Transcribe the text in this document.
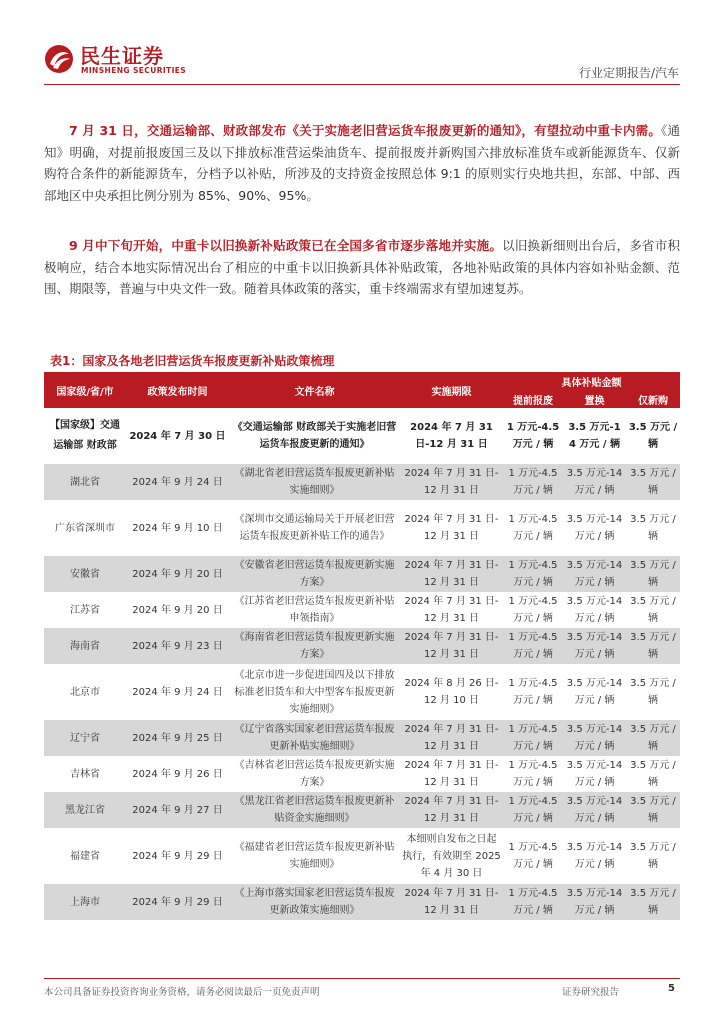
民生证券
MINSHENG SECURITIES	行业定期报告/汽车

7 月 31 日，交通运输部、财政部发布《关于实施老旧营运货车报废更新的通知》，有望拉动中重卡内需。《通知》明确，对提前报废国三及以下排放标准营运柴油货车、提前报废并新购国六排放标准货车或新能源货车、仅新购符合条件的新能源货车，分档予以补贴，所涉及的支持资金按照总体 9:1 的原则实行央地共担，东部、中部、西部地区中央承担比例分别为 85%、90%、95%。

9 月中下旬开始，中重卡以旧换新补贴政策已在全国多省市逐步落地并实施。以旧换新细则出台后，多省市积极响应，结合本地实际情况出台了相应的中重卡以旧换新具体补贴政策，各地补贴政策的具体内容如补贴金额、范围、期限等，普遍与中央文件一致。随着具体政策的落实，重卡终端需求有望加速复苏。

表1：国家及各地老旧营运货车报废更新补贴政策梳理
国家级/省/市	政策发布时间	文件名称	实施期限	具体补贴金额		
				提前报废	置换	仅新购
【国家级】交通运输部 财政部	2024 年 7 月 30 日	《交通运输部 财政部关于实施老旧营运货车报废更新的通知》	2024 年 7 月 31 日-12 月 31 日	1 万元-4.5 万元 / 辆	3.5 万元-14 万元 / 辆	3.5 万元 / 辆
湖北省	2024 年 9 月 24 日	《湖北省老旧营运货车报废更新补贴实施细则》	2024 年 7 月 31 日-12 月 31 日	1 万元-4.5 万元 / 辆	3.5 万元-14 万元 / 辆	3.5 万元 / 辆
广东省深圳市	2024 年 9 月 10 日	《深圳市交通运输局关于开展老旧营运货车报废更新补贴工作的通告》	2024 年 7 月 31 日-12 月 31 日	1 万元-4.5 万元 / 辆	3.5 万元-14 万元 / 辆	3.5 万元 / 辆
安徽省	2024 年 9 月 20 日	《安徽省老旧营运货车报废更新实施方案》	2024 年 7 月 31 日-12 月 31 日	1 万元-4.5 万元 / 辆	3.5 万元-14 万元 / 辆	3.5 万元 / 辆
江苏省	2024 年 9 月 20 日	《江苏省老旧营运货车报废更新补贴申领指南》	2024 年 7 月 31 日-12 月 31 日	1 万元-4.5 万元 / 辆	3.5 万元-14 万元 / 辆	3.5 万元 / 辆
海南省	2024 年 9 月 23 日	《海南省老旧营运货车报废更新实施方案》	2024 年 7 月 31 日-12 月 31 日	1 万元-4.5 万元 / 辆	3.5 万元-14 万元 / 辆	3.5 万元 / 辆
北京市	2024 年 9 月 24 日	《北京市进一步促进国四及以下排放标准老旧货车和大中型客车报废更新实施细则》	2024 年 8 月 26 日-12 月 10 日	1 万元-4.5 万元 / 辆	3.5 万元-14 万元 / 辆	3.5 万元 / 辆
辽宁省	2024 年 9 月 25 日	《辽宁省落实国家老旧营运货车报废更新补贴实施细则》	2024 年 7 月 31 日-12 月 31 日	1 万元-4.5 万元 / 辆	3.5 万元-14 万元 / 辆	3.5 万元 / 辆
吉林省	2024 年 9 月 26 日	《吉林省老旧营运货车报废更新实施方案》	2024 年 7 月 31 日-12 月 31 日	1 万元-4.5 万元 / 辆	3.5 万元-14 万元 / 辆	3.5 万元 / 辆
黑龙江省	2024 年 9 月 27 日	《黑龙江省老旧营运货车报废更新补贴资金实施细则》	2024 年 7 月 31 日-12 月 31 日	1 万元-4.5 万元 / 辆	3.5 万元-14 万元 / 辆	3.5 万元 / 辆
福建省	2024 年 9 月 29 日	《福建省老旧营运货车报废更新补贴实施细则》	本细则自发布之日起执行，有效期至 2025 年 4 月 30 日	1 万元-4.5 万元 / 辆	3.5 万元-14 万元 / 辆	3.5 万元 / 辆
上海市	2024 年 9 月 29 日	《上海市落实国家老旧营运货车报废更新政策实施细则》	2024 年 7 月 31 日-12 月 31 日	1 万元-4.5 万元 / 辆	3.5 万元-14 万元 / 辆	3.5 万元 / 辆
本公司具备证券投资咨询业务资格，请务必阅读最后一页免责声明	证券研究报告	5
